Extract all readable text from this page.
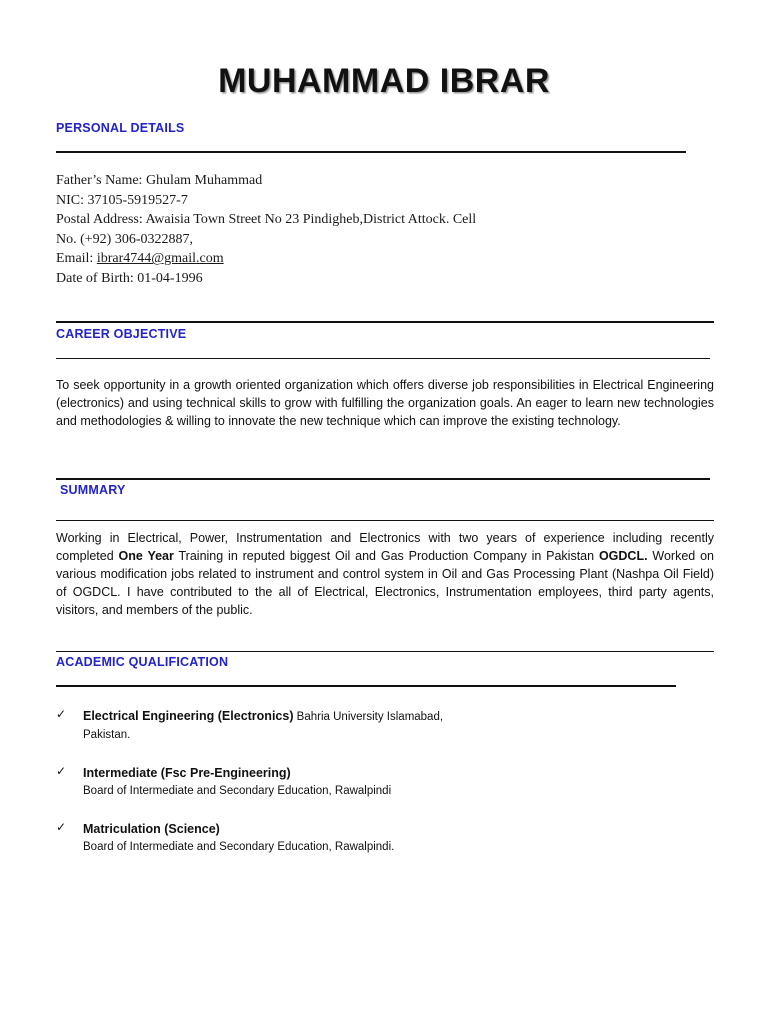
MUHAMMAD IBRAR
PERSONAL DETAILS
Father’s Name: Ghulam Muhammad
NIC: 37105-5919527-7
Postal Address: Awaisia Town Street No 23 Pindigheb,District Attock. Cell
No. (+92) 306-0322887,
Email: ibrar4744@gmail.com
Date of Birth: 01-04-1996
CAREER OBJECTIVE
To seek opportunity in a growth oriented organization which offers diverse job responsibilities in Electrical Engineering (electronics) and using technical skills to grow with fulfilling the organization goals. An eager to learn new technologies and methodologies & willing to innovate the new technique which can improve the existing technology.
SUMMARY
Working in Electrical, Power, Instrumentation and Electronics with two years of experience including recently completed One Year Training in reputed biggest Oil and Gas Production Company in Pakistan OGDCL. Worked on various modification jobs related to instrument and control system in Oil and Gas Processing Plant (Nashpa Oil Field) of OGDCL. I have contributed to the all of Electrical, Electronics, Instrumentation employees, third party agents, visitors, and members of the public.
ACADEMIC QUALIFICATION
✓ Electrical Engineering (Electronics) Bahria University Islamabad,
Pakistan.
✓ Intermediate (Fsc Pre-Engineering)
Board of Intermediate and Secondary Education, Rawalpindi
✓ Matriculation (Science)
Board of Intermediate and Secondary Education, Rawalpindi.
